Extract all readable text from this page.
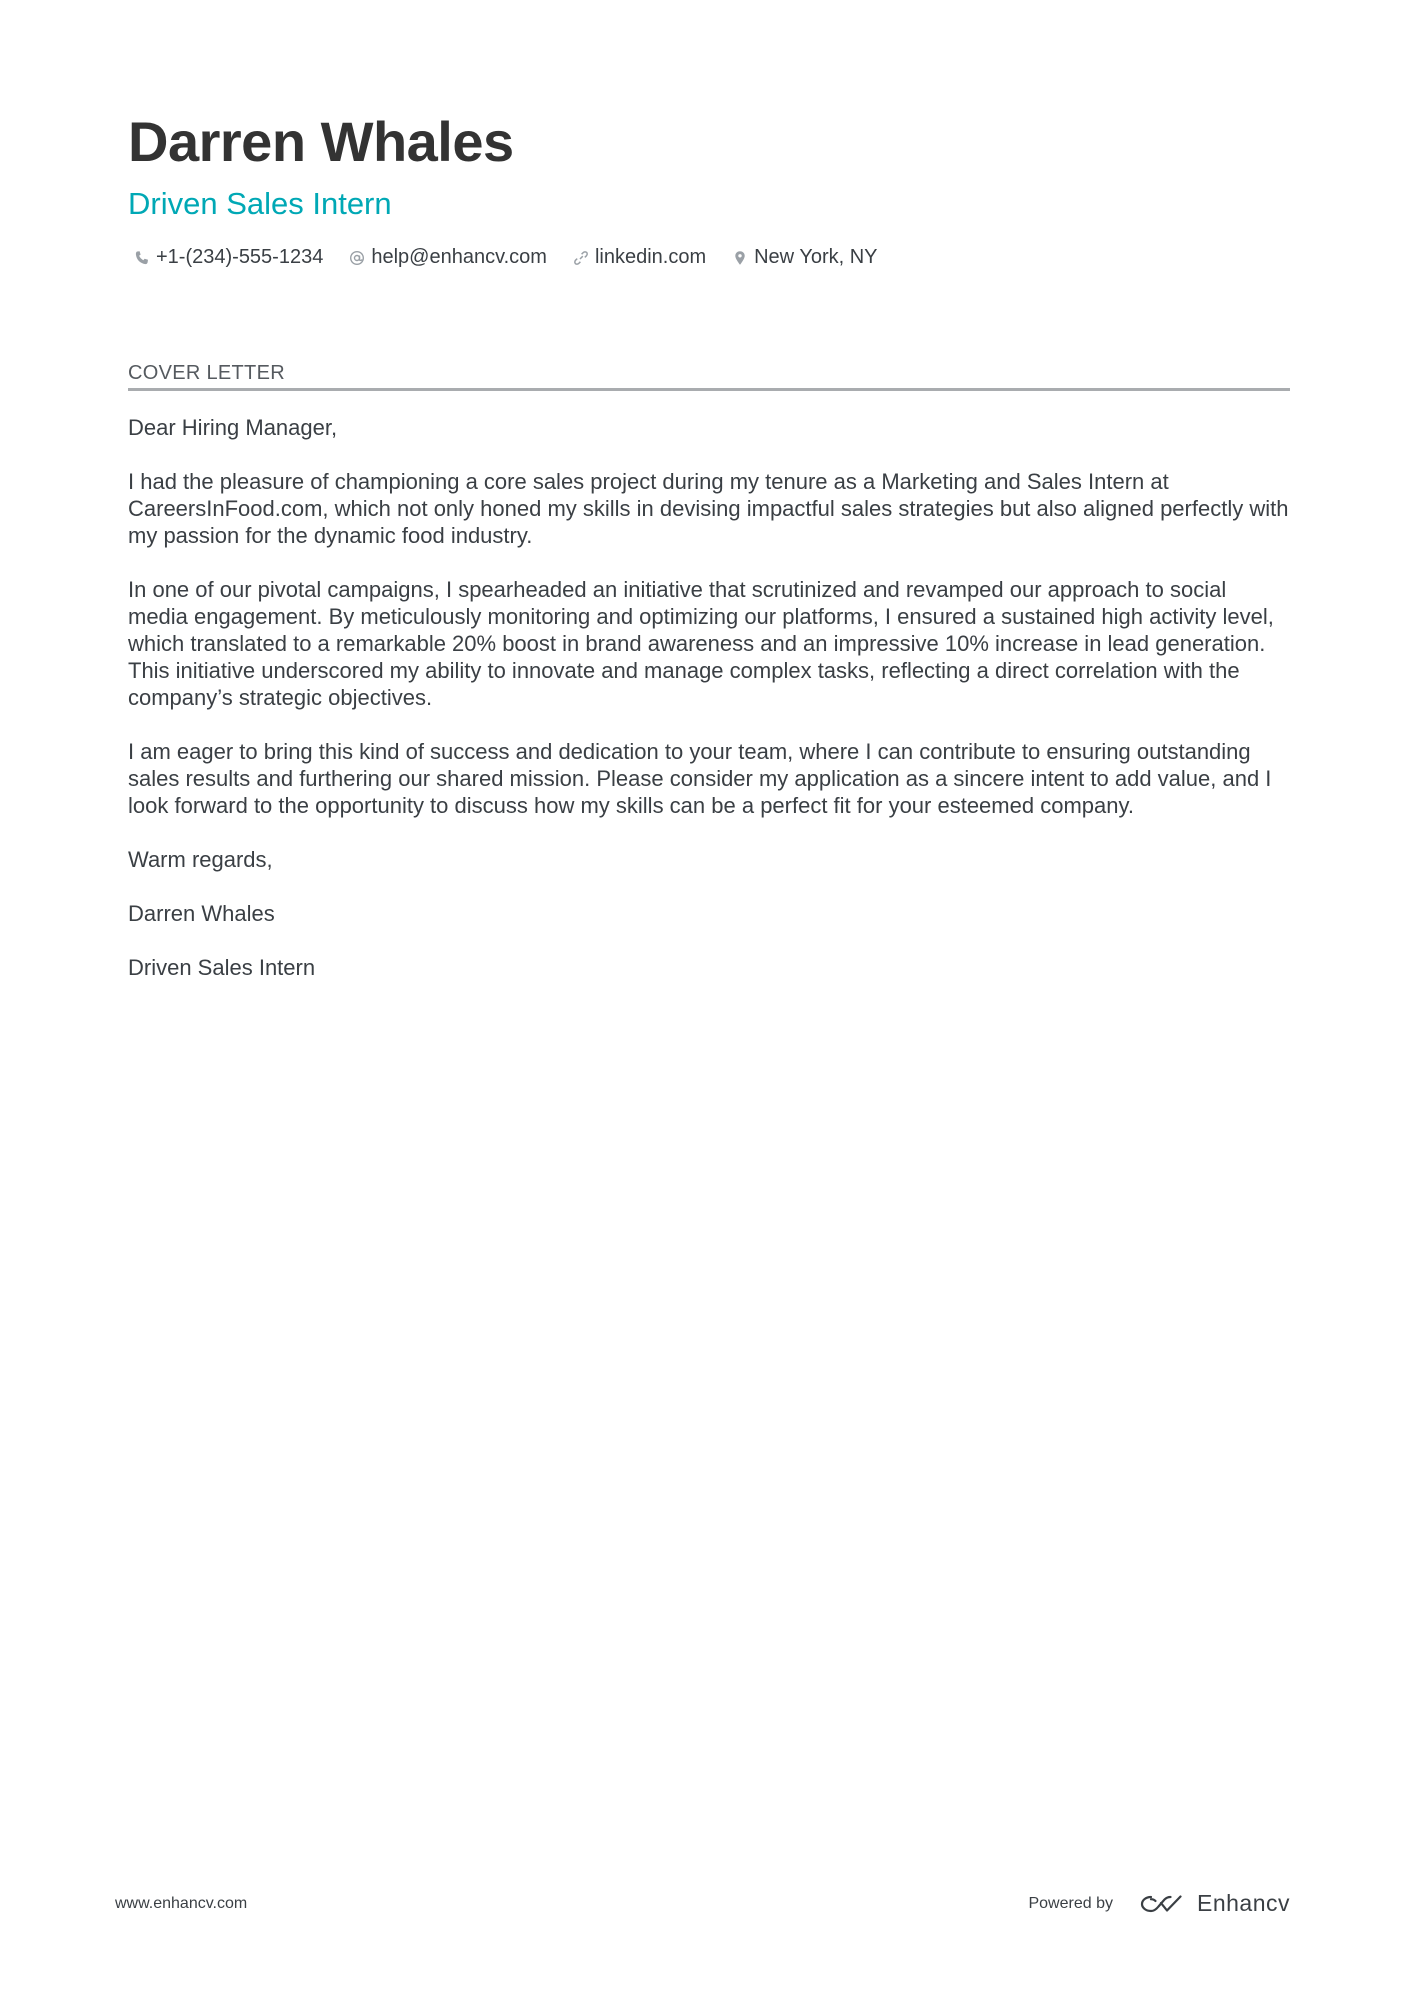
Darren Whales
Driven Sales Intern
+1-(234)-555-1234 help@enhancv.com linkedin.com New York, NY
COVER LETTER

Dear Hiring Manager,

I had the pleasure of championing a core sales project during my tenure as a Marketing and Sales Intern at CareersInFood.com, which not only honed my skills in devising impactful sales strategies but also aligned perfectly with my passion for the dynamic food industry.

In one of our pivotal campaigns, I spearheaded an initiative that scrutinized and revamped our approach to social media engagement. By meticulously monitoring and optimizing our platforms, I ensured a sustained high activity level, which translated to a remarkable 20% boost in brand awareness and an impressive 10% increase in lead generation. This initiative underscored my ability to innovate and manage complex tasks, reflecting a direct correlation with the company’s strategic objectives.

I am eager to bring this kind of success and dedication to your team, where I can contribute to ensuring outstanding sales results and furthering our shared mission. Please consider my application as a sincere intent to add value, and I look forward to the opportunity to discuss how my skills can be a perfect fit for your esteemed company.

Warm regards,

Darren Whales

Driven Sales Intern

www.enhancv.com	Powered by	Enhancv
